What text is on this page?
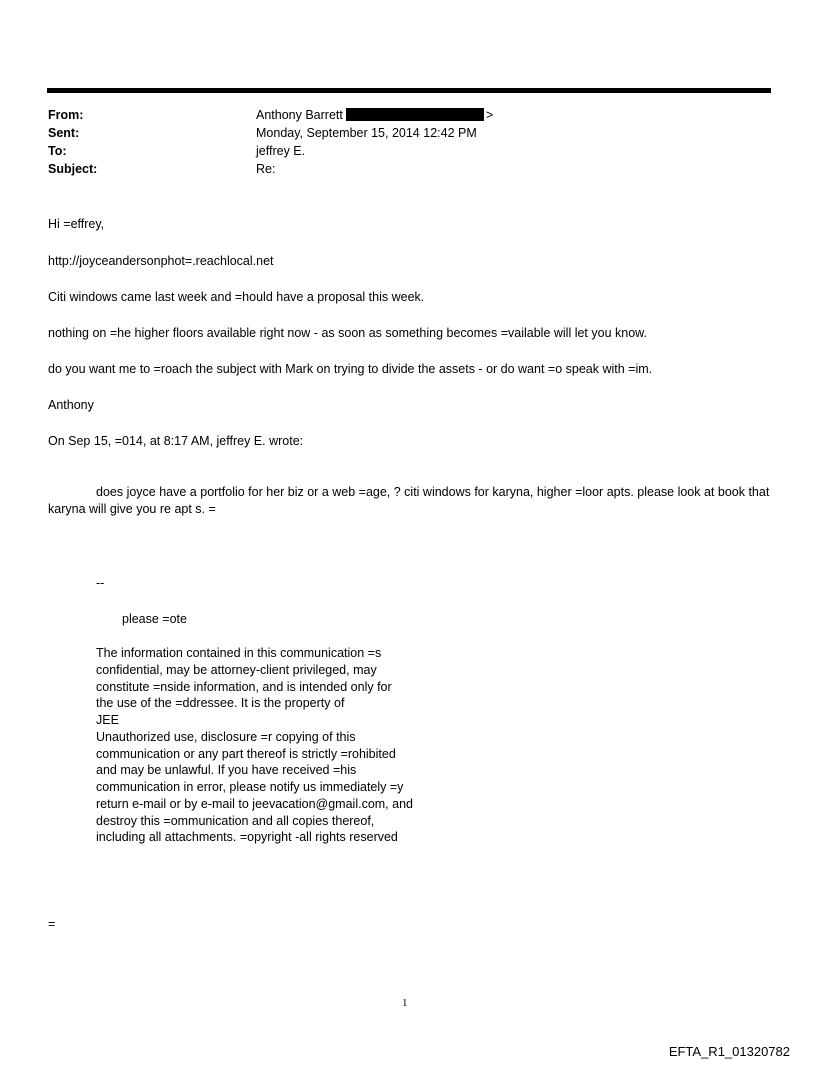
From:	Anthony Barrett	>
Sent:	Monday, September 15, 2014 12:42 PM
To:	jeffrey E.
Subject:	Re:
Hi =effrey,
http://joyceandersonphot=.reachlocal.net
Citi windows came last week and =hould have a proposal this week.
nothing on =he higher floors available right now - as soon as something becomes =vailable will let you know.
do you want me to =roach the subject with Mark on trying to divide the assets - or do want =o speak with =im.
Anthony
On Sep 15, =014, at 8:17 AM, jeffrey E. wrote:
does joyce have a portfolio for her biz or a web =age, ? citi windows for karyna, higher =loor apts. please look at book that karyna will give you re apt s. =
--
please =ote
The information contained in this communication =s
confidential, may be attorney-client privileged, may
constitute =nside information, and is intended only for
the use of the =ddressee. It is the property of
JEE
Unauthorized use, disclosure =r copying of this
communication or any part thereof is strictly =rohibited
and may be unlawful. If you have received =his
communication in error, please notify us immediately =y
return e-mail or by e-mail to jeevacation@gmail.com, and
destroy this =ommunication and all copies thereof,
including all attachments. =opyright -all rights reserved
=
1
EFTA_R1_01320782
